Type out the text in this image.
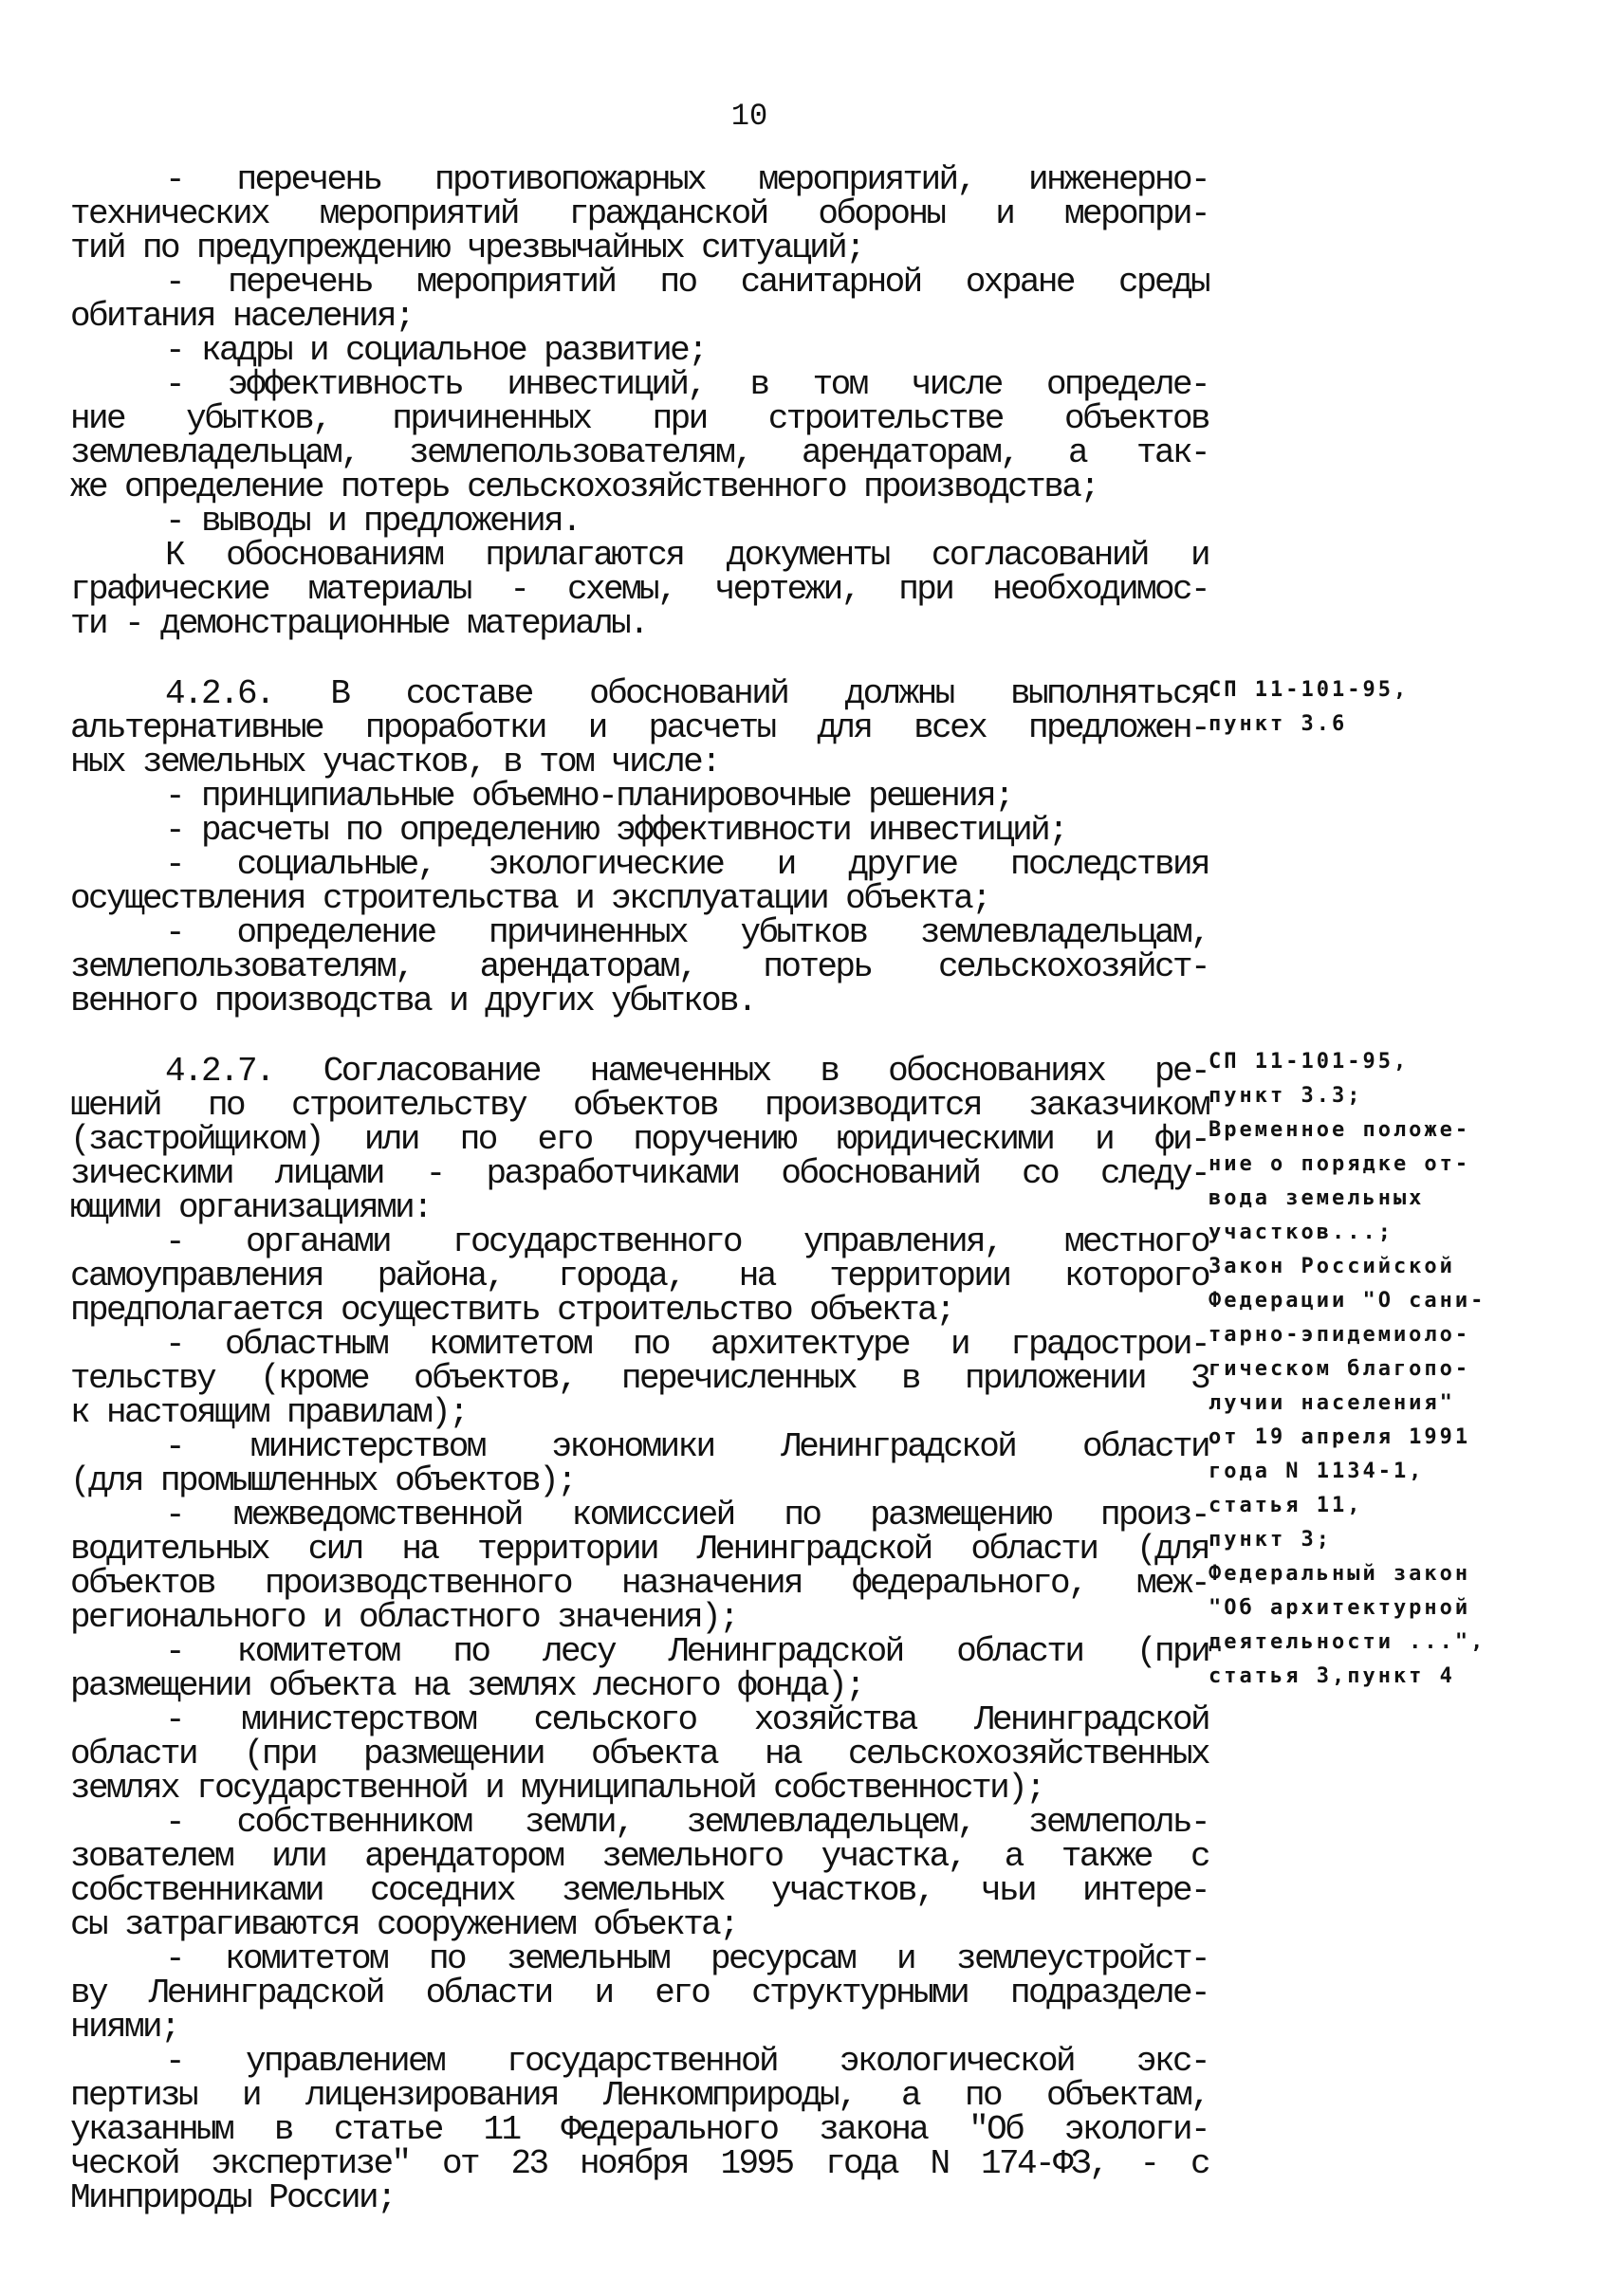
10
- перечень противопожарных мероприятий, инженерно-
технических мероприятий гражданской обороны и меропри-
тий по предупреждению чрезвычайных ситуаций;
- перечень мероприятий по санитарной охране среды
обитания населения;
- кадры и социальное развитие;
- эффективность инвестиций, в том числе определе-
ние убытков, причиненных при строительстве объектов
землевладельцам, землепользователям, арендаторам, а так-
же определение потерь сельскохозяйственного производства;
- выводы и предложения.
К обоснованиям прилагаются документы согласований и
графические материалы - схемы, чертежи, при необходимос-
ти - демонстрационные материалы.
4.2.6. В составе обоснований должны выполняться
альтернативные проработки и расчеты для всех предложен-
ных земельных участков, в том числе:
- принципиальные объемно-планировочные решения;
- расчеты по определению эффективности инвестиций;
- социальные, экологические и другие последствия
осуществления строительства и эксплуатации объекта;
- определение причиненных убытков землевладельцам,
землепользователям, арендаторам, потерь сельскохозяйст-
венного производства и других убытков.
4.2.7. Согласование намеченных в обоснованиях ре-
шений по строительству объектов производится заказчиком
(застройщиком) или по его поручению юридическими и фи-
зическими лицами - разработчиками обоснований со следу-
ющими организациями:
- органами государственного управления, местного
самоуправления района, города, на территории которого
предполагается осуществить строительство объекта;
- областным комитетом по архитектуре и градострои-
тельству (кроме объектов, перечисленных в приложении 3
к настоящим правилам);
- министерством экономики Ленинградской области
(для промышленных объектов);
- межведомственной комиссией по размещению произ-
водительных сил на территории Ленинградской области (для
объектов производственного назначения федерального, меж-
регионального и областного значения);
- комитетом по лесу Ленинградской области (при
размещении объекта на землях лесного фонда);
- министерством сельского хозяйства Ленинградской
области (при размещении объекта на сельскохозяйственных
землях государственной и муниципальной собственности);
- собственником земли, землевладельцем, землеполь-
зователем или арендатором земельного участка, а также с
собственниками соседних земельных участков, чьи интере-
сы затрагиваются сооружением объекта;
- комитетом по земельным ресурсам и землеустройст-
ву Ленинградской области и его структурными подразделе-
ниями;
- управлением государственной экологической экс-
пертизы и лицензирования Ленкомприроды, а по объектам,
указанным в статье 11 Федерального закона "Об экологи-
ческой экспертизе" от 23 ноября 1995 года N 174-ФЗ, - с
Минприроды России;
СП 11-101-95,
пункт 3.6
СП 11-101-95,
пункт 3.3;
Временное положе-
ние о порядке от-
вода земельных
участков...;
Закон Российской
Федерации "О сани-
тарно-эпидемиоло-
гическом благопо-
лучии населения"
от 19 апреля 1991
года N 1134-1,
статья 11,
пункт 3;
Федеральный закон
"Об архитектурной
деятельности ...",
статья 3,пункт 4
